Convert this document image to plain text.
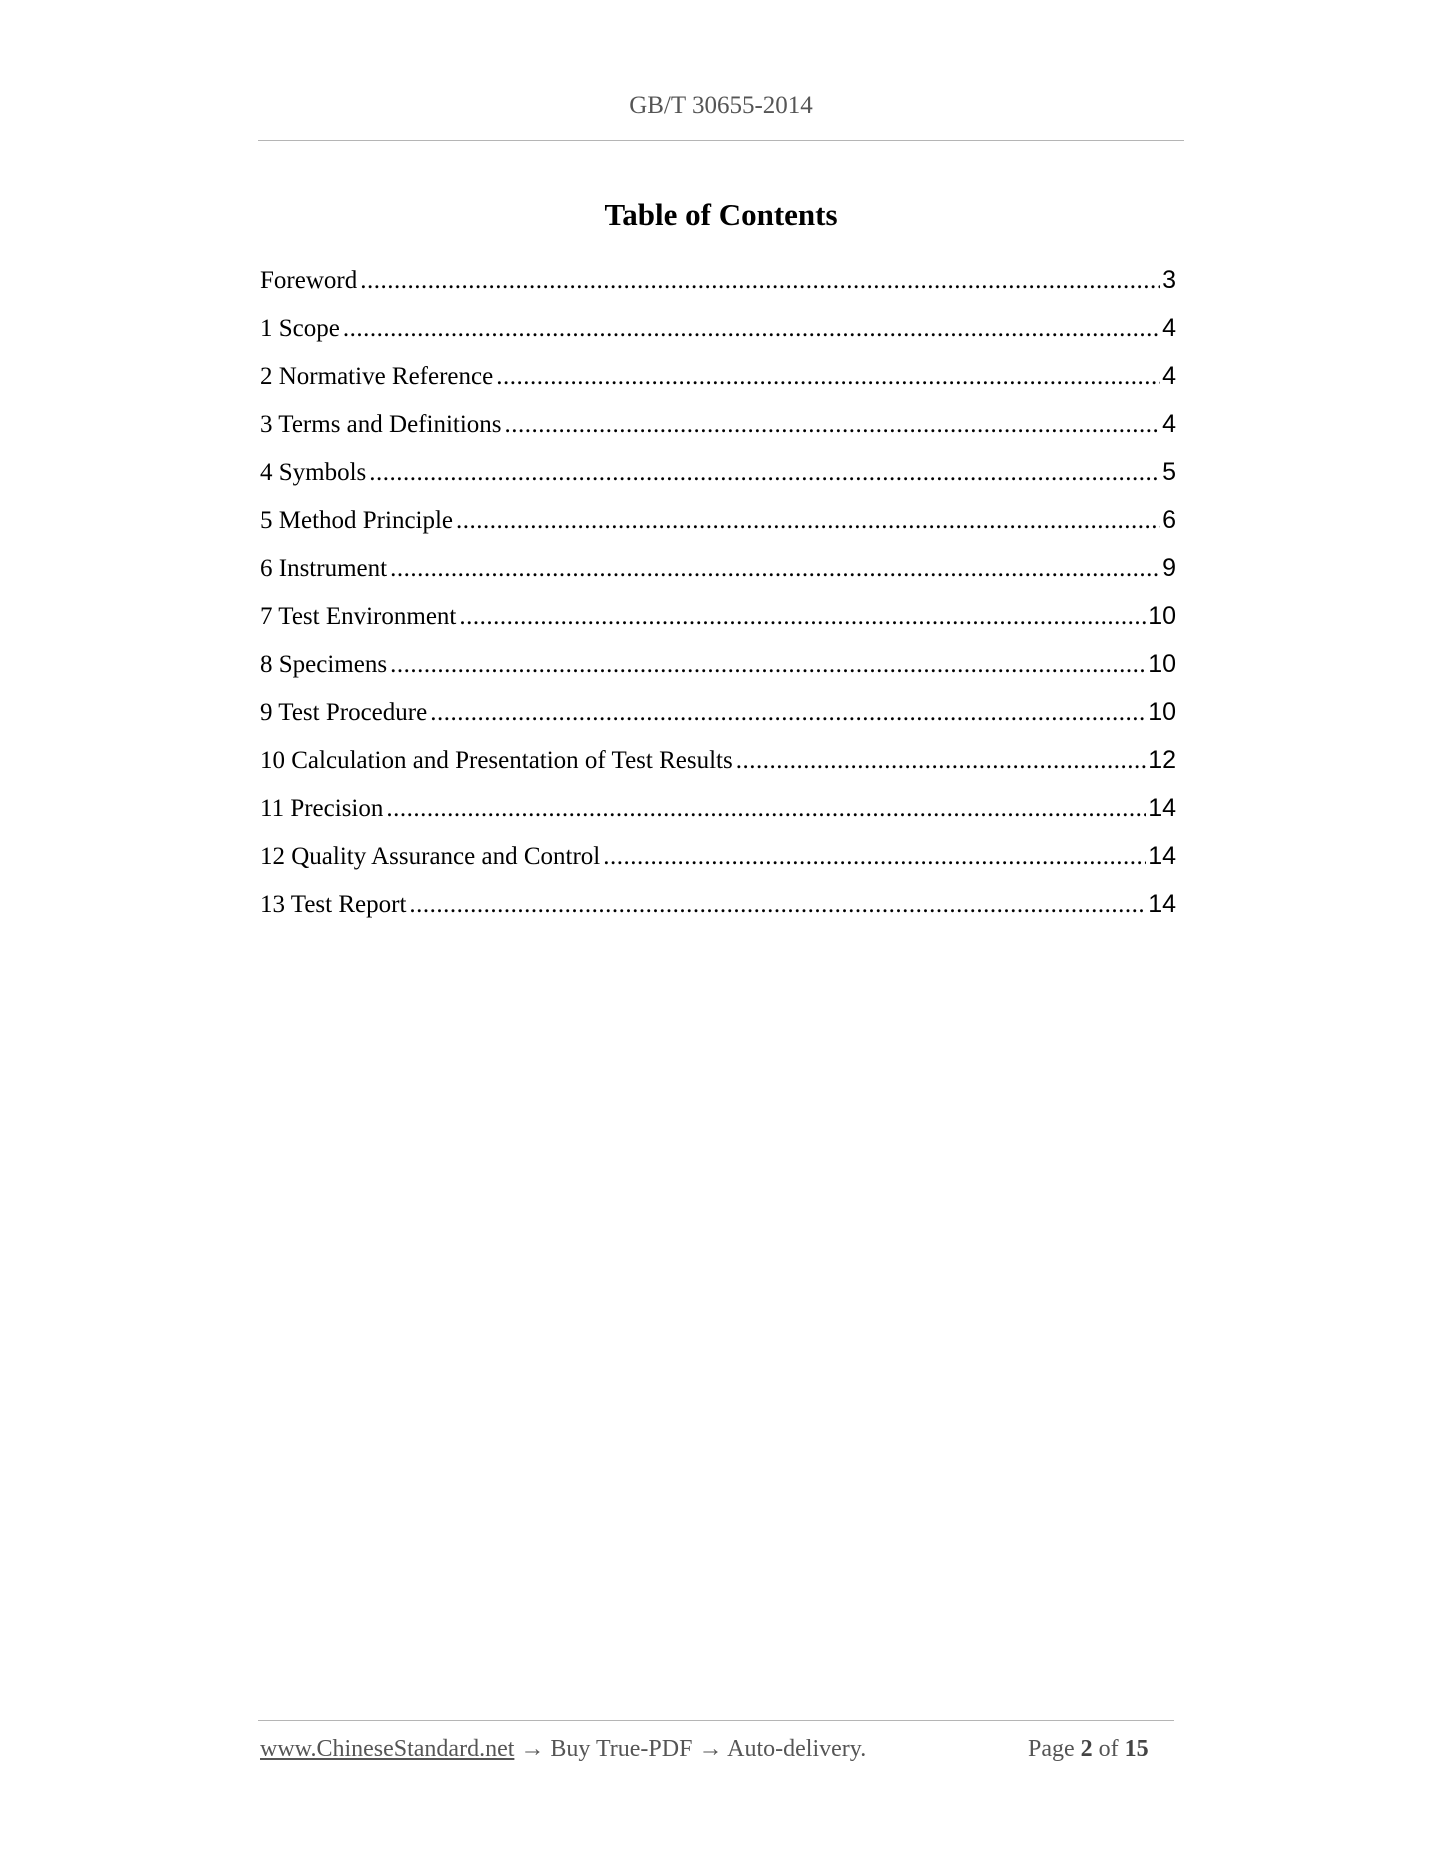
GB/T 30655-2014
Table of Contents
Foreword .....	3
1 Scope .....	4
2 Normative Reference .....	4
3 Terms and Definitions .....	4
4 Symbols .....	5
5 Method Principle .....	6
6 Instrument .....	9
7 Test Environment .....	10
8 Specimens .....	10
9 Test Procedure .....	10
10 Calculation and Presentation of Test Results .....	12
11 Precision .....	14
12 Quality Assurance and Control .....	14
13 Test Report .....	14
www.ChineseStandard.net → Buy True-PDF → Auto-delivery.	Page 2 of 15
